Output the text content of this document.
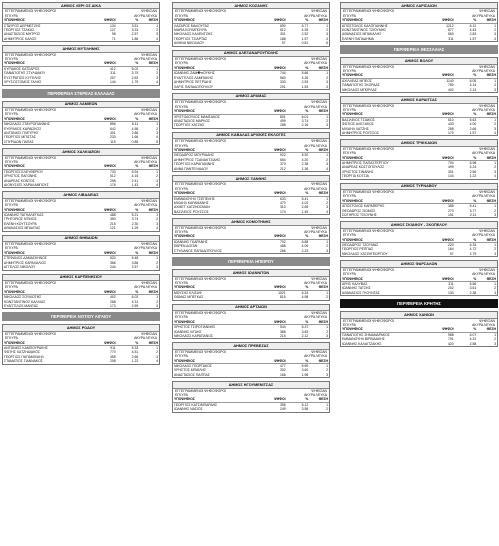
ΔΗΜΟΣ ΛΕΡΙ ΟΣ ΔΙΚΑ
ΕΓΓΕΓΡΑΜΜΕΝΟΙ ΨΗΦΟΦΟΡΟΙ	ΨΗΦΙΣΑΝ
ΕΓΚΥΡΑ	ΑΚΥΡΑ ΛΕΥΚΑ
ΥΠΟΨΗΦΙΟΣ	ΨΗΦΟΙ	%	ΘΕΣΗ
ΣΤΑΥΡΟΣ ΔΕΡΜΕΤΖΗΣ	134	3.51	1
ΓΕΩΡΓΙΟΣ ΤΖΑΚΑΣ	127	3.33	2
ΑΝΑΣΤΑΣΙΟΣ ΜΗΤΡΟΣ	98	2.57	3
ΔΗΜΗΤΡΙΟΣ ΚΑΛΟΣ	71	1.86	4
ΔΗΜΟΣ ΜΥΤΙΛΗΝΗΣ
ΕΓΓΕΓΡΑΜΜΕΝΟΙ ΨΗΦΟΦΟΡΟΙ	ΨΗΦΙΣΑΝ
ΕΓΚΥΡΑ	ΑΚΥΡΑ ΛΕΥΚΑ
ΥΠΟΨΗΦΙΟΣ	ΨΗΦΟΙ	%	ΘΕΣΗ
ΚΥΡΙΑΚΟΣ ΚΑΤΣΑΡΟΣ	412	5.02	1
ΠΑΝΑΓΙΩΤΗΣ ΣΤΥΛΙΑΝΟΥ	311	3.79	2
ΕΥΣΤΡΑΤΙΟΣ ΚΥΤΕΛΗΣ	207	2.52	3
ΧΡΥΣΟΣΤΟΜΟΣ ΓΑΛΗΣ	144	1.75	4
ΠΕΡΙΦΕΡΕΙΑ ΣΤΕΡΕΑΣ ΕΛΛΑΔΑΣ
ΔΗΜΟΣ ΛΑΜΙΕΩΝ
ΕΓΓΕΓΡΑΜΜΕΝΟΙ ΨΗΦΟΦΟΡΟΙ	ΨΗΦΙΣΑΝ
ΕΓΚΥΡΑ	ΑΚΥΡΑ ΛΕΥΚΑ
ΥΠΟΨΗΦΙΟΣ	ΨΗΦΟΙ	%	ΘΕΣΗ
ΝΙΚΟΛΑΟΣ ΣΤΑΥΡΟΓΙΑΝΝΗΣ	856	6.11	1
ΕΥΘΥΜΙΟΣ ΚΑΡΑΙΣΚΟΣ	642	4.58	2
ΑΝΤΩΝΙΟΣ ΠΛΕΥΡΗΣ	401	2.86	3
ΓΕΩΡΓΙΟΣ ΜΠΙΣΤΑΣ	233	1.66	4
ΣΠΥΡΙΔΩΝ ΠΑΠΑΣ	119	0.85	5
ΔΗΜΟΣ ΧΑΛΚΙΔΕΩΝ
ΕΓΓΕΓΡΑΜΜΕΝΟΙ ΨΗΦΟΦΟΡΟΙ	ΨΗΦΙΣΑΝ
ΕΓΚΥΡΑ	ΑΚΥΡΑ ΛΕΥΚΑ
ΥΠΟΨΗΦΙΟΣ	ΨΗΦΟΙ	%	ΘΕΣΗ
ΓΕΩΡΓΙΟΣ ΕΛΕΥΘΕΡΙΟΥ	733	5.94	1
ΧΡΗΣΤΟΣ ΠΑΓΩΝΗΣ	512	4.15	2
ΑΝΔΡΕΑΣ ΚΟΝΤΟΣ	298	2.41	3
ΔΙΟΝΥΣΙΟΣ ΧΑΡΑΛΑΜΠΟΥΣ	176	1.43	4
ΔΗΜΟΣ ΛΙΒΑΔΕΙΑΣ
ΕΓΓΕΓΡΑΜΜΕΝΟΙ ΨΗΦΟΦΟΡΟΙ	ΨΗΦΙΣΑΝ
ΕΓΚΥΡΑ	ΑΚΥΡΑ ΛΕΥΚΑ
ΥΠΟΨΗΦΙΟΣ	ΨΗΦΟΙ	%	ΘΕΣΗ
ΙΩΑΝΝΗΣ ΤΑΓΚΑΛΕΓΚΑΣ	488	5.21	1
ΓΡΗΓΟΡΙΟΣ ΝΤΙΝΟΣ	350	3.74	2
ΕΛΕΝΗ ΚΟΥΤΣΟΥΡΑ	215	2.30	3
ΑΘΑΝΑΣΙΟΣ ΜΠΑΛΤΑΣ	121	1.29	4
ΔΗΜΟΣ ΘΗΒΑΙΩΝ
ΕΓΓΕΓΡΑΜΜΕΝΟΙ ΨΗΦΟΦΟΡΟΙ	ΨΗΦΙΣΑΝ
ΕΓΚΥΡΑ	ΑΚΥΡΑ ΛΕΥΚΑ
ΥΠΟΨΗΦΙΟΣ	ΨΗΦΟΙ	%	ΘΕΣΗ
ΣΤΕΦΑΝΟΣ ΔΑΜΑΣΚΗΝΟΣ	520	5.48	1
ΔΗΜΗΤΡΙΟΣ ΚΑΡΑΧΑΛΙΟΣ	366	3.86	2
ΑΓΓΕΛΟΣ ΝΙΚΟΛΟΥ	244	2.57	3
ΔΗΜΟΣ ΚΑΡΠΕΝΗΣΙΟΥ
ΕΓΓΕΓΡΑΜΜΕΝΟΙ ΨΗΦΟΦΟΡΟΙ	ΨΗΦΙΣΑΝ
ΕΓΚΥΡΑ	ΑΚΥΡΑ ΛΕΥΚΑ
ΥΠΟΨΗΦΙΟΣ	ΨΗΦΟΙ	%	ΘΕΣΗ
ΝΙΚΟΛΑΟΣ ΣΟΥΛΙΩΤΗΣ	402	6.02	1
ΚΩΝΣΤΑΝΤΙΝΟΣ ΚΑΛΛΙΑΣ	288	4.31	2
ΕΥΑΓΓΕΛΟΣ ΜΑΝΤΑΣ	173	2.59	3
ΠΕΡΙΦΕΡΕΙΑ ΝΟΤΙΟΥ ΑΙΓΑΙΟΥ
ΔΗΜΟΣ ΡΟΔΟΥ
ΕΓΓΕΓΡΑΜΜΕΝΟΙ ΨΗΦΟΦΟΡΟΙ	ΨΗΦΙΣΑΝ
ΕΓΚΥΡΑ	ΑΚΥΡΑ ΛΕΥΚΑ
ΥΠΟΨΗΦΙΟΣ	ΨΗΦΟΙ	%	ΘΕΣΗ
ΑΝΤΩΝΙΟΣ ΚΑΜΠΟΥΡΑΚΗΣ	911	5.33	1
ΦΩΤΗΣ ΧΑΤΖΗΔΙΑΚΟΣ	770	4.51	2
ΓΕΩΡΓΙΟΣ ΠΑΠΑΜΙΧΑΗΛ	455	2.66	3
ΣΤΑΜΑΤΙΟΣ ΓΙΑΝΝΑΚΟΣ	208	1.22	4
ΔΗΜΟΣ ΚΟΖΑΝΗΣ
ΕΓΓΕΓΡΑΜΜΕΝΟΙ ΨΗΦΟΦΟΡΟΙ	ΨΗΦΙΣΑΝ
ΕΓΚΥΡΑ	ΑΚΥΡΑ ΛΕΥΚΑ
ΥΠΟΨΗΦΙΟΣ	ΨΗΦΟΙ	%	ΘΕΣΗ
ΛΑΖΑΡΟΣ ΜΑΛΟΥΤΑΣ	690	5.77	1
ΜΑΡΙΑ ΚΟΥΜΠΟΥΡΑ	512	4.28	2
ΝΙΚΟΛΑΟΣ ΚΑΛΕΝΤΖΗΣ	301	2.52	3
ΓΕΩΡΓΙΟΣ ΤΣΙΑΡΤΑΣ	188	1.57	4
ΑΘΗΝΑ ΝΙΚΟΛΑΟΥ	97	0.81	5
ΔΗΜΟΣ ΑΛΕΞΑΝΔΡΟΥΠΟΛΗΣ
ΕΓΓΕΓΡΑΜΜΕΝΟΙ ΨΗΦΟΦΟΡΟΙ	ΨΗΦΙΣΑΝ
ΕΓΚΥΡΑ	ΑΚΥΡΑ ΛΕΥΚΑ
ΥΠΟΨΗΦΙΟΣ	ΨΗΦΟΙ	%	ΘΕΣΗ
ΙΩΑΝΝΗΣ ΖΑΜ�πΟΥΚΗΣ	744	5.66	1
ΕΥΑΓΓΕΛΟΣ ΛΑΜΠΑΚΗΣ	560	4.26	2
ΔΗΜΗΤΡΙΟΣ ΠΕΤΡΙΔΗΣ	333	2.53	3
ΧΑΡΙΣ ΠΑΠΑΔΟΠΟΥΛΟΥ	201	1.53	4
ΔΗΜΟΣ ΔΡΑΜΑΣ
ΕΓΓΕΓΡΑΜΜΕΝΟΙ ΨΗΦΟΦΟΡΟΙ	ΨΗΦΙΣΑΝ
ΕΓΚΥΡΑ	ΑΚΥΡΑ ΛΕΥΚΑ
ΥΠΟΨΗΦΙΟΣ	ΨΗΦΟΙ	%	ΘΕΣΗ
ΧΡΙΣΤΟΔΟΥΛΟΣ ΜΑΜΣΑΚΟΣ	801	6.01	1
ΑΝΑΣΤΑΣΙΟΣ ΜΑΡΚΟΣ	499	3.74	2
ΓΕΩΡΓΙΟΣ ΧΑΤΖΗΣ	288	2.16	3
ΔΗΜΟΣ ΚΑΒΑΛΑΣ ΑΡΧΙΚΕΣ ΕΚΛΟΓΕΣ
ΕΓΓΕΓΡΑΜΜΕΝΟΙ ΨΗΦΟΦΟΡΟΙ	ΨΗΦΙΣΑΝ
ΕΓΚΥΡΑ	ΑΚΥΡΑ ΛΕΥΚΑ
ΥΠΟΨΗΦΙΟΣ	ΨΗΦΟΙ	%	ΘΕΣΗ
ΘΕΟΔΩΡΟΣ ΜΟΥΡΙΑΔΗΣ	922	5.92	1
ΔΗΜΗΤΡΙΟΣ ΤΣΑΝΑΚΤΣΙΔΗΣ	654	4.20	2
ΓΕΩΡΓΙΟΣ ΚΑΡΑΓΙΑΝΝΗΣ	370	2.38	3
ΑΝΝΑ ΠΑΝΤΕΛΙΑΔΟΥ	212	1.36	4
ΔΗΜΟΣ ΞΑΝΘΗΣ
ΕΓΓΕΓΡΑΜΜΕΝΟΙ ΨΗΦΟΦΟΡΟΙ	ΨΗΦΙΣΑΝ
ΕΓΚΥΡΑ	ΑΚΥΡΑ ΛΕΥΚΑ
ΥΠΟΨΗΦΙΟΣ	ΨΗΦΟΙ	%	ΘΕΣΗ
ΕΜΜΑΝΟΥΗΛ ΤΣΕΠΕΛΗΣ	633	5.41	1
ΜΙΧΑΗΛ ΚΑΡΑΜΑΝΗΣ	470	4.02	2
ΑΧΜΕΤ ΧΑΤΖΗΟΣΜΑΝ	310	2.65	3
ΒΑΣΙΛΕΙΟΣ ΡΟΥΣΣΟΣ	174	1.49	4
ΔΗΜΟΣ ΚΟΜΟΤΗΝΗΣ
ΕΓΓΕΓΡΑΜΜΕΝΟΙ ΨΗΦΟΦΟΡΟΙ	ΨΗΦΙΣΑΝ
ΕΓΚΥΡΑ	ΑΚΥΡΑ ΛΕΥΚΑ
ΥΠΟΨΗΦΙΟΣ	ΨΗΦΟΙ	%	ΘΕΣΗ
ΙΩΑΝΝΗΣ ΓΚΑΡΑΝΗΣ	702	5.88	1
ΕΒΡΕΝ ΔΟΓΑΝ	488	4.09	2
ΣΤΥΛΙΑΝΟΣ ΠΑΠΑΔΟΠΟΥΛΟΣ	266	2.23	3
ΠΕΡΙΦΕΡΕΙΑ ΗΠΕΙΡΟΥ
ΔΗΜΟΣ ΙΩΑΝΝΙΤΩΝ
ΕΓΓΕΓΡΑΜΜΕΝΟΙ ΨΗΦΟΦΟΡΟΙ	ΨΗΦΙΣΑΝ
ΕΓΚΥΡΑ	ΑΚΥΡΑ ΛΕΥΚΑ
ΥΠΟΨΗΦΙΟΣ	ΨΗΦΟΙ	%	ΘΕΣΗ
ΜΩΥΣΗΣ ΕΛΙΣΑΦ	1021	6.24	1
ΘΩΜΑΣ ΜΠΕΓΚΑΣ	815	4.98	2
ΔΗΜΟΣ ΑΡΤΑΙΩΝ
ΕΓΓΕΓΡΑΜΜΕΝΟΙ ΨΗΦΟΦΟΡΟΙ	ΨΗΦΙΣΑΝ
ΕΓΚΥΡΑ	ΑΚΥΡΑ ΛΕΥΚΑ
ΥΠΟΨΗΦΙΟΣ	ΨΗΦΟΙ	%	ΘΕΣΗ
ΧΡΗΣΤΟΣ ΤΣΙΡΟΓΙΑΝΝΗΣ	544	5.37	1
ΙΩΑΝΝΗΣ ΛΙΓΔΗΣ	388	3.83	2
ΝΙΚΟΛΑΟΣ ΚΑΡΑΠΑΝΟΣ	215	2.12	3
ΔΗΜΟΣ ΠΡΕΒΕΖΑΣ
ΕΓΓΕΓΡΑΜΜΕΝΟΙ ΨΗΦΟΦΟΡΟΙ	ΨΗΦΙΣΑΝ
ΕΓΚΥΡΑ	ΑΚΥΡΑ ΛΕΥΚΑ
ΥΠΟΨΗΦΙΟΣ	ΨΗΦΟΙ	%	ΘΕΣΗ
ΝΙΚΟΛΑΟΣ ΓΕΩΡΓΑΚΟΣ	477	5.69	1
ΧΡΗΣΤΟΣ ΜΠΑΪΛΗΣ	302	3.60	2
ΑΝΑΣΤΑΣΙΟΣ ΠΑΠΠΑΣ	166	1.98	3
ΔΗΜΟΣ ΗΓΟΥΜΕΝΙΤΣΑΣ
ΕΓΓΕΓΡΑΜΜΕΝΟΙ ΨΗΦΟΦΟΡΟΙ	ΨΗΦΙΣΑΝ
ΕΓΚΥΡΑ	ΑΚΥΡΑ ΛΕΥΚΑ
ΥΠΟΨΗΦΙΟΣ	ΨΗΦΟΙ	%	ΘΕΣΗ
ΓΕΩΡΓΙΟΣ ΚΑΤΣΙΜΠΑΡΔΗΣ	356	5.12	1
ΙΩΑΝΝΗΣ ΝΑΣΙΟΣ	249	3.58	2
ΔΗΜΟΣ ΛΑΡΙΣΑΙΩΝ
ΕΓΓΕΓΡΑΜΜΕΝΟΙ ΨΗΦΟΦΟΡΟΙ	ΨΗΦΙΣΑΝ
ΕΓΚΥΡΑ	ΑΚΥΡΑ ΛΕΥΚΑ
ΥΠΟΨΗΦΙΟΣ	ΨΗΦΟΙ	%	ΘΕΣΗ
ΑΠΟΣΤΟΛΟΣ ΚΑΛΟΓΙΑΝΝΗΣ	1212	6.12	1
ΚΩΝΣΤΑΝΤΙΝΟΣ ΤΖΙΟΥΜΗΣ	877	4.43	2
ΑΘΑΝΑΣΙΟΣ ΜΠΑΚΑΛΗΣ	560	2.83	3
ΕΛΕΝΗ ΠΑΠΑΔΗΜΑ	311	1.57	4
ΠΕΡΙΦΕΡΕΙΑ ΘΕΣΣΑΛΙΑΣ
ΔΗΜΟΣ ΒΟΛΟΥ
ΕΓΓΕΓΡΑΜΜΕΝΟΙ ΨΗΦΟΦΟΡΟΙ	ΨΗΦΙΣΑΝ
ΕΓΚΥΡΑ	ΑΚΥΡΑ ΛΕΥΚΑ
ΥΠΟΨΗΦΙΟΣ	ΨΗΦΟΙ	%	ΘΕΣΗ
ΑΧΙΛΛΕΑΣ ΜΠΕΟΣ	1140	6.05	1
ΠΑΝΑΓΙΩΤΗΣ ΣΚΟΡΔΑΣ	780	4.14	2
ΝΙΚΟΛΑΟΣ ΜΠΟΡΛΑΣ	402	2.13	3
ΔΗΜΟΣ ΚΑΡΔΙΤΣΑΣ
ΕΓΓΕΓΡΑΜΜΕΝΟΙ ΨΗΦΟΦΟΡΟΙ	ΨΗΦΙΣΑΝ
ΕΓΚΥΡΑ	ΑΚΥΡΑ ΛΕΥΚΑ
ΥΠΟΨΗΦΙΟΣ	ΨΗΦΟΙ	%	ΘΕΣΗ
ΒΑΣΙΛΕΙΟΣ ΤΣΙΑΚΟΣ	610	5.63	1
ΦΩΤΙΟΣ ΑΛΕΞΑΚΟΣ	433	4.00	2
ΜΙΧΑΗΛ ΧΑΤΖΗΣ	288	2.66	3
ΔΗΜΗΤΡΙΟΣ ΡΟΥΣΣΟΣ	170	1.57	4
ΔΗΜΟΣ ΤΡΙΚΚΑΙΩΝ
ΕΓΓΕΓΡΑΜΜΕΝΟΙ ΨΗΦΟΦΟΡΟΙ	ΨΗΦΙΣΑΝ
ΕΓΚΥΡΑ	ΑΚΥΡΑ ΛΕΥΚΑ
ΥΠΟΨΗΦΙΟΣ	ΨΗΦΟΙ	%	ΘΕΣΗ
ΔΗΜΗΤΡΙΟΣ ΠΑΠΑΣΤΕΡΓΙΟΥ	704	5.98	1
ΑΝΔΡΕΑΣ ΚΩΣΤΟΠΟΥΛΟΣ	499	4.24	2
ΧΡΗΣΤΟΣ ΣΙΝΑΝΗΣ	301	2.56	3
ΓΕΩΡΓΙΑ ΚΟΤΣΙΑ	144	1.22	4
ΔΗΜΟΣ ΤΥΡΝΑΒΟΥ
ΕΓΓΕΓΡΑΜΜΕΝΟΙ ΨΗΦΟΦΟΡΟΙ	ΨΗΦΙΣΑΝ
ΕΓΚΥΡΑ	ΑΚΥΡΑ ΛΕΥΚΑ
ΥΠΟΨΗΦΙΟΣ	ΨΗΦΟΙ	%	ΘΕΣΗ
ΑΠΟΣΤΟΛΟΣ ΚΑΡΑΦΕΡΗΣ	388	5.41	1
ΘΕΟΔΩΡΟΣ ΣΙΩΜΟΣ	270	3.77	2
ΣΩΤΗΡΙΟΣ ΤΣΙΟΥΝΗΣ	151	2.11	3
ΔΗΜΟΣ ΣΚΙΑΘΟΥ - ΣΚΟΠΕΛΟΥ
ΕΓΓΕΓΡΑΜΜΕΝΟΙ ΨΗΦΟΦΟΡΟΙ	ΨΗΦΙΣΑΝ
ΕΓΚΥΡΑ	ΑΚΥΡΑ ΛΕΥΚΑ
ΥΠΟΨΗΦΙΟΣ	ΨΗΦΟΙ	%	ΘΕΣΗ
ΘΕΟΔΩΡΟΣ ΤΖΟΥΜΑΣ	220	6.33	1
ΓΕΩΡΓΙΟΣ ΡΕΠΠΑΣ	164	4.72	2
ΝΙΚΟΛΑΟΣ ΧΑΤΖΗΓΕΩΡΓΙΟΥ	97	2.79	3
ΔΗΜΟΣ ΦΑΡΣΑΛΩΝ
ΕΓΓΕΓΡΑΜΜΕΝΟΙ ΨΗΦΟΦΟΡΟΙ	ΨΗΦΙΣΑΝ
ΕΓΚΥΡΑ	ΑΚΥΡΑ ΛΕΥΚΑ
ΥΠΟΨΗΦΙΟΣ	ΨΗΦΟΙ	%	ΘΕΣΗ
ΑΡΗΣ ΚΑΛΥΒΑΣ	311	5.56	1
ΙΩΑΝΝΗΣ ΤΑΤΣΗΣ	202	3.61	2
ΑΘΑΝΑΣΙΟΣ ΓΚΟΥΝΤΑΣ	133	2.38	3
ΠΕΡΙΦΕΡΕΙΑ ΚΡΗΤΗΣ
ΔΗΜΟΣ ΧΑΝΙΩΝ
ΕΓΓΕΓΡΑΜΜΕΝΟΙ ΨΗΦΟΦΟΡΟΙ	ΨΗΦΙΣΑΝ
ΕΓΚΥΡΑ	ΑΚΥΡΑ ΛΕΥΚΑ
ΥΠΟΨΗΦΙΟΣ	ΨΗΦΟΙ	%	ΘΕΣΗ
ΠΑΝΑΓΙΩΤΗΣ ΣΗΜΑΝΔΡΑΚΟΣ	988	6.07	1
ΕΜΜΑΝΟΥΗΛ ΒΙΡΒΙΔΑΚΗΣ	701	4.31	2
ΙΩΑΝΝΗΣ ΚΑΛΑΙΤΖΑΚΗΣ	420	2.58	3
